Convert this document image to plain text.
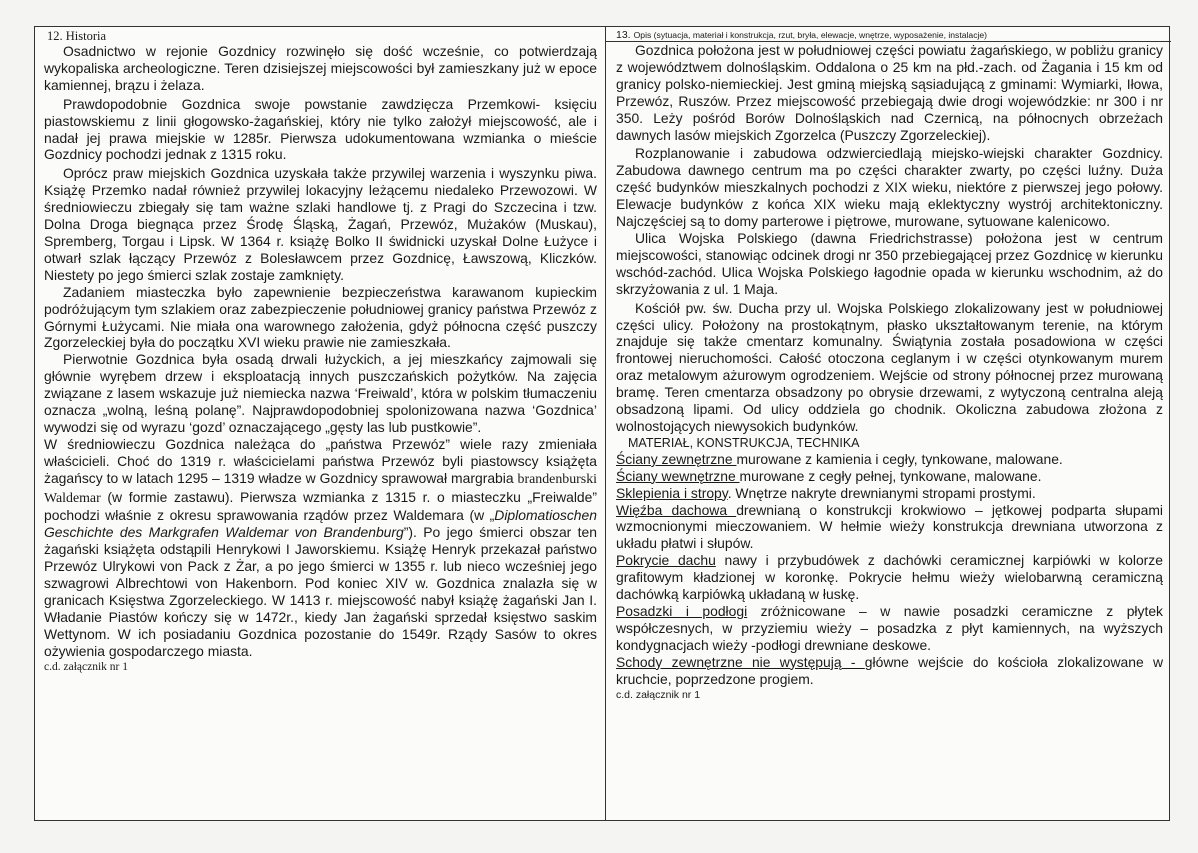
12. Historia

Osadnictwo w rejonie Gozdnicy rozwinęło się dość wcześnie, co potwierdzają wykopaliska archeologiczne. Teren dzisiejszej miejscowości był zamieszkany już w epoce kamiennej, brązu i żelaza.

Prawdopodobnie Gozdnica swoje powstanie zawdzięcza Przemkowi- księciu piastowskiemu z linii głogowsko-żagańskiej, który nie tylko założył miejscowość, ale i nadał jej prawa miejskie w 1285r. Pierwsza udokumentowana wzmianka o mieście Gozdnicy pochodzi jednak z 1315 roku.

Oprócz praw miejskich Gozdnica uzyskała także przywilej warzenia i wyszynku piwa. Książę Przemko nadał również przywilej lokacyjny leżącemu niedaleko Przewozowi. W średniowieczu zbiegały się tam ważne szlaki handlowe tj. z Pragi do Szczecina i tzw. Dolna Droga biegnąca przez Środę Śląską, Żagań, Przewóz, Mużaków (Muskau), Spremberg, Torgau i Lipsk. W 1364 r. książę Bolko II świdnicki uzyskał Dolne Łużyce i otwarł szlak łączący Przewóz z Bolesławcem przez Gozdnicę, Ławszową, Kliczków. Niestety po jego śmierci szlak zostaje zamknięty.

Zadaniem miasteczka było zapewnienie bezpieczeństwa karawanom kupieckim podróżującym tym szlakiem oraz zabezpieczenie południowej granicy państwa Przewóz z Górnymi Łużycami. Nie miała ona warownego założenia, gdyż północna część puszczy Zgorzeleckiej była do początku XVI wieku prawie nie zamieszkała.

Pierwotnie Gozdnica była osadą drwali łużyckich, a jej mieszkańcy zajmowali się głównie wyrębem drzew i eksploatacją innych puszczańskich pożytków. Na zajęcia związane z lasem wskazuje już niemiecka nazwa ‘Freiwald’, która w polskim tłumaczeniu oznacza „wolną, leśną polanę”. Najprawdopodobniej spolonizowana nazwa ‘Gozdnica’ wywodzi się od wyrazu ‘gozd’ oznaczającego „gęsty las lub pustkowie”.

W średniowieczu Gozdnica należąca do „państwa Przewóz” wiele razy zmieniała właścicieli. Choć do 1319 r. właścicielami państwa Przewóz byli piastowscy książęta żagańscy to w latach 1295 – 1319 władze w Gozdnicy sprawował margrabia brandenburski Waldemar (w formie zastawu). Pierwsza wzmianka z 1315 r. o miasteczku „Freiwalde” pochodzi właśnie z okresu sprawowania rządów przez Waldemara (w „Diplomatioschen Geschichte des Markgrafen Waldemar von Brandenburg”). Po jego śmierci obszar ten żagański książęta odstąpili Henrykowi I Jaworskiemu. Książę Henryk przekazał państwo Przewóz Ulrykowi von Pack z Żar, a po jego śmierci w 1355 r. lub nieco wcześniej jego szwagrowi Albrechtowi von Hakenborn. Pod koniec XIV w. Gozdnica znalazła się w granicach Księstwa Zgorzeleckiego. W 1413 r. miejscowość nabył książę żagański Jan I. Władanie Piastów kończy się w 1472r., kiedy Jan żagański sprzedał księstwo saskim Wettynom. W ich posiadaniu Gozdnica pozostanie do 1549r. Rządy Sasów to okres ożywienia gospodarczego miasta.

c.d. załącznik nr 1
13. Opis (sytuacja, materiał i konstrukcja, rzut, bryła, elewacje, wnętrze, wyposażenie, instalacje)

Gozdnica położona jest w południowej części powiatu żagańskiego, w pobliżu granicy z województwem dolnośląskim. Oddalona o 25 km na płd.-zach. od Żagania i 15 km od granicy polsko-niemieckiej. Jest gminą miejską sąsiadującą z gminami: Wymiarki, Iłowa, Przewóz, Ruszów. Przez miejscowość przebiegają dwie drogi wojewódzkie: nr 300 i nr 350. Leży pośród Borów Dolnośląskich nad Czernicą, na północnych obrzeżach dawnych lasów miejskich Zgorzelca (Puszczy Zgorzeleckiej).

Rozplanowanie i zabudowa odzwierciedlają miejsko-wiejski charakter Gozdnicy. Zabudowa dawnego centrum ma po części charakter zwarty, po części luźny. Duża część budynków mieszkalnych pochodzi z XIX wieku, niektóre z pierwszej jego połowy. Elewacje budynków z końca XIX wieku mają eklektyczny wystrój architektoniczny. Najczęściej są to domy parterowe i piętrowe, murowane, sytuowane kalenicowo.

Ulica Wojska Polskiego (dawna Friedrichstrasse) położona jest w centrum miejscowości, stanowiąc odcinek drogi nr 350 przebiegającej przez Gozdnicę w kierunku wschód-zachód. Ulica Wojska Polskiego łagodnie opada w kierunku wschodnim, aż do skrzyżowania z ul. 1 Maja.

Kościół pw. św. Ducha przy ul. Wojska Polskiego zlokalizowany jest w południowej części ulicy. Położony na prostokątnym, płasko ukształtowanym terenie, na którym znajduje się także cmentarz komunalny. Świątynia została posadowiona w części frontowej nieruchomości. Całość otoczona ceglanym i w części otynkowanym murem oraz metalowym ażurowym ogrodzeniem. Wejście od strony północnej przez murowaną bramę. Teren cmentarza obsadzony po obrysie drzewami, z wytyczoną centralna aleją obsadzoną lipami. Od ulicy oddziela go chodnik. Okoliczna zabudowa złożona z wolnostojących niewysokich budynków.

MATERIAŁ, KONSTRUKCJA, TECHNIKA

Ściany zewnętrzne murowane z kamienia i cegły, tynkowane, malowane.

Ściany wewnętrzne murowane z cegły pełnej, tynkowane, malowane.

Sklepienia i stropy. Wnętrze nakryte drewnianymi stropami prostymi.

Więźba dachowa drewnianą o konstrukcji krokwiowo – jętkowej podparta słupami wzmocnionymi mieczowaniem. W hełmie wieży konstrukcja drewniana utworzona z układu płatwi i słupów.

Pokrycie dachu nawy i przybudówek z dachówki ceramicznej karpiówki w kolorze grafitowym kładzionej w koronkę. Pokrycie hełmu wieży wielobarwną ceramiczną dachówką karpiówką układaną w łuskę.

Posadzki i podłogi zróżnicowane – w nawie posadzki ceramiczne z płytek współczesnych, w przyziemiu wieży – posadzka z płyt kamiennych, na wyższych kondygnacjach wieży -podłogi drewniane deskowe.

Schody zewnętrzne nie występują - główne wejście do kościoła zlokalizowane w kruchcie, poprzedzone progiem.

c.d. załącznik nr 1
